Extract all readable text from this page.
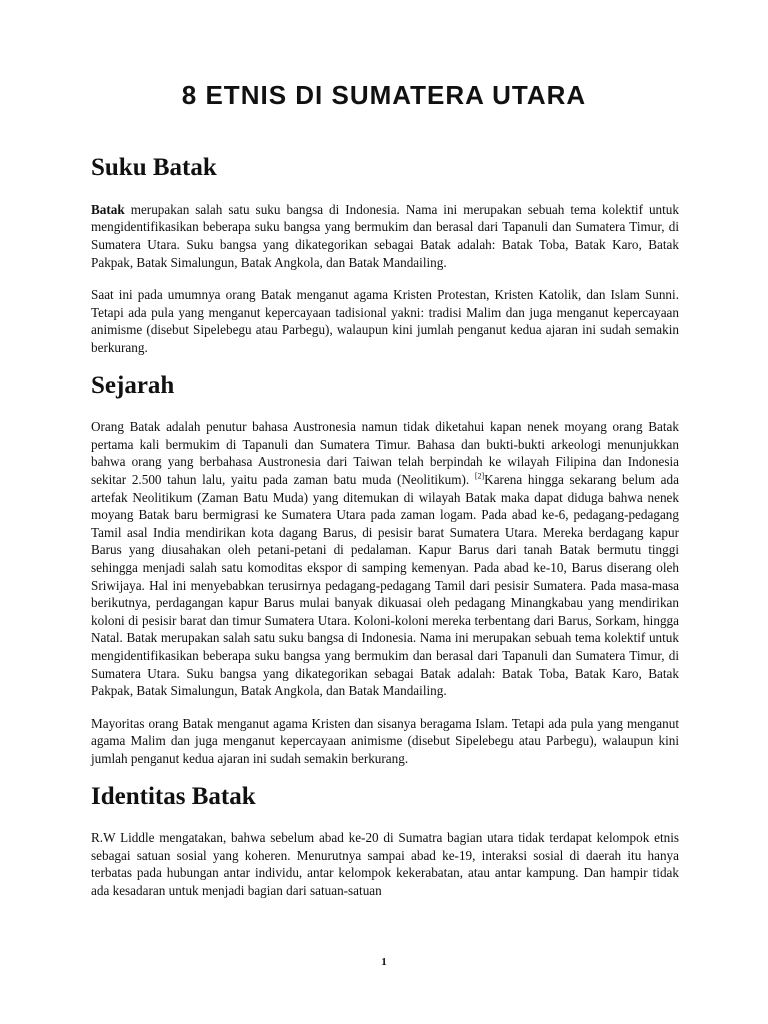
8 ETNIS DI SUMATERA UTARA
Suku Batak

Batak merupakan salah satu suku bangsa di Indonesia. Nama ini merupakan sebuah tema kolektif untuk mengidentifikasikan beberapa suku bangsa yang bermukim dan berasal dari Tapanuli dan Sumatera Timur, di Sumatera Utara. Suku bangsa yang dikategorikan sebagai Batak adalah: Batak Toba, Batak Karo, Batak Pakpak, Batak Simalungun, Batak Angkola, dan Batak Mandailing.

Saat ini pada umumnya orang Batak menganut agama Kristen Protestan, Kristen Katolik, dan Islam Sunni. Tetapi ada pula yang menganut kepercayaan tadisional yakni: tradisi Malim dan juga menganut kepercayaan animisme (disebut Sipelebegu atau Parbegu), walaupun kini jumlah penganut kedua ajaran ini sudah semakin berkurang.

Sejarah

Orang Batak adalah penutur bahasa Austronesia namun tidak diketahui kapan nenek moyang orang Batak pertama kali bermukim di Tapanuli dan Sumatera Timur. Bahasa dan bukti-bukti arkeologi menunjukkan bahwa orang yang berbahasa Austronesia dari Taiwan telah berpindah ke wilayah Filipina dan Indonesia sekitar 2.500 tahun lalu, yaitu pada zaman batu muda (Neolitikum). [2]Karena hingga sekarang belum ada artefak Neolitikum (Zaman Batu Muda) yang ditemukan di wilayah Batak maka dapat diduga bahwa nenek moyang Batak baru bermigrasi ke Sumatera Utara pada zaman logam. Pada abad ke-6, pedagang-pedagang Tamil asal India mendirikan kota dagang Barus, di pesisir barat Sumatera Utara. Mereka berdagang kapur Barus yang diusahakan oleh petani-petani di pedalaman. Kapur Barus dari tanah Batak bermutu tinggi sehingga menjadi salah satu komoditas ekspor di samping kemenyan. Pada abad ke-10, Barus diserang oleh Sriwijaya. Hal ini menyebabkan terusirnya pedagang-pedagang Tamil dari pesisir Sumatera. Pada masa-masa berikutnya, perdagangan kapur Barus mulai banyak dikuasai oleh pedagang Minangkabau yang mendirikan koloni di pesisir barat dan timur Sumatera Utara. Koloni-koloni mereka terbentang dari Barus, Sorkam, hingga Natal. Batak merupakan salah satu suku bangsa di Indonesia. Nama ini merupakan sebuah tema kolektif untuk mengidentifikasikan beberapa suku bangsa yang bermukim dan berasal dari Tapanuli dan Sumatera Timur, di Sumatera Utara. Suku bangsa yang dikategorikan sebagai Batak adalah: Batak Toba, Batak Karo, Batak Pakpak, Batak Simalungun, Batak Angkola, dan Batak Mandailing.

Mayoritas orang Batak menganut agama Kristen dan sisanya beragama Islam. Tetapi ada pula yang menganut agama Malim dan juga menganut kepercayaan animisme (disebut Sipelebegu atau Parbegu), walaupun kini jumlah penganut kedua ajaran ini sudah semakin berkurang.

Identitas Batak

R.W Liddle mengatakan, bahwa sebelum abad ke-20 di Sumatra bagian utara tidak terdapat kelompok etnis sebagai satuan sosial yang koheren. Menurutnya sampai abad ke-19, interaksi sosial di daerah itu hanya terbatas pada hubungan antar individu, antar kelompok kekerabatan, atau antar kampung. Dan hampir tidak ada kesadaran untuk menjadi bagian dari satuan-satuan

1
